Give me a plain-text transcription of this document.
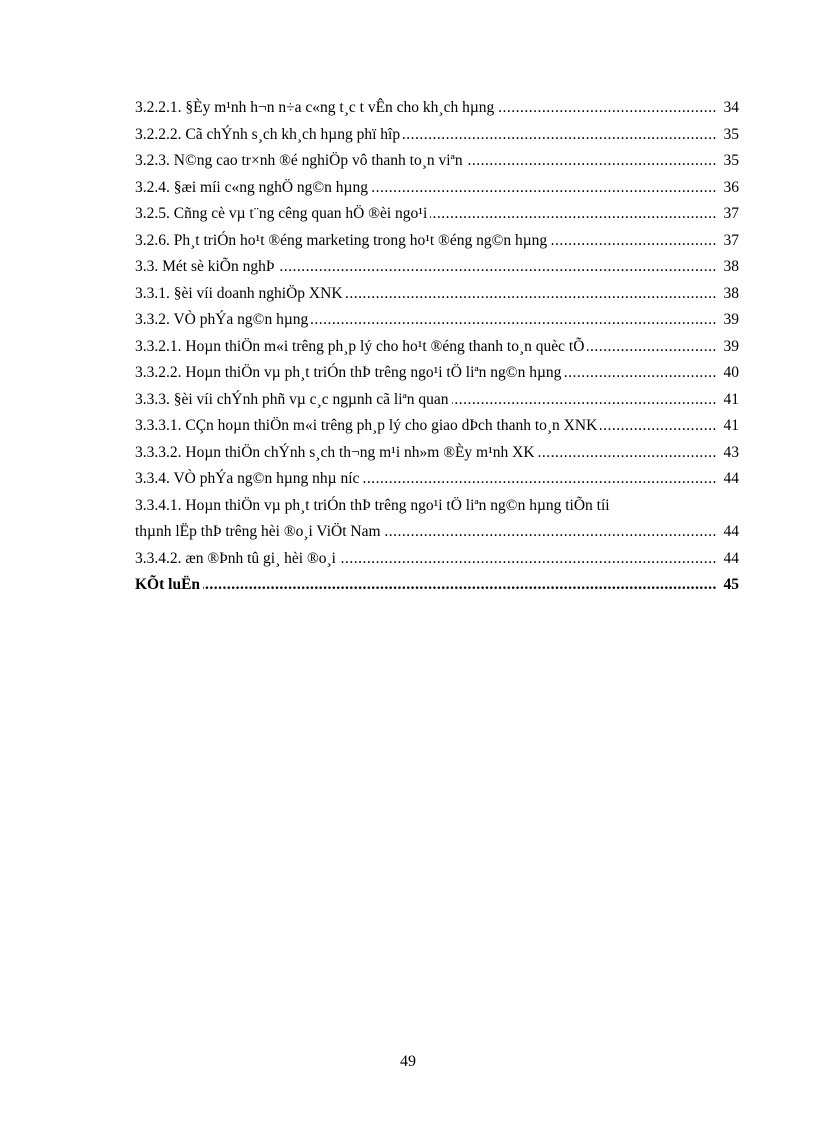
.....
3.2.2.1. §Èy m¹nh h¬n n÷a c«ng t¸c t vÊn cho kh¸ch hµng	34
.....
3.2.2.2. Cã chÝnh s¸ch kh¸ch hµng phï hîp	35
.....
3.2.3. N©ng cao tr×nh ®é nghiÖp vô thanh to¸n viªn	35
.....
3.2.4. §æi míi c«ng nghÖ ng©n hµng	36
.....
3.2.5. Cñng cè vµ t¨ng cêng quan hÖ ®èi ngo¹i	37
.....
3.2.6. Ph¸t triÓn ho¹t ®éng marketing trong ho¹t ®éng ng©n hµng	37
.....
3.3. Mét sè kiÕn nghÞ	38
.....
3.3.1. §èi víi doanh nghiÖp XNK	38
.....
3.3.2. VÒ phÝa ng©n hµng	39
.....
3.3.2.1. Hoµn thiÖn m«i trêng ph¸p lý cho ho¹t ®éng thanh to¸n quèc tÕ	39
.....
3.3.2.2. Hoµn thiÖn vµ ph¸t triÓn thÞ trêng ngo¹i tÖ liªn ng©n hµng	40
.....
3.3.3. §èi víi chÝnh phñ vµ c¸c ngµnh cã liªn quan	41
.....
3.3.3.1. CÇn hoµn thiÖn m«i trêng ph¸p lý cho giao dÞch thanh to¸n XNK	41
.....
3.3.3.2. Hoµn thiÖn chÝnh s¸ch th¬ng m¹i nh»m ®Èy m¹nh XK	43
.....
3.3.4. VÒ phÝa ng©n hµng nhµ níc	44
3.3.4.1. Hoµn thiÖn vµ ph¸t triÓn thÞ trêng ngo¹i tÖ liªn ng©n hµng tiÕn tíi
.....
thµnh lËp thÞ trêng hèi ®o¸i ViÖt Nam	44
.....
3.3.4.2. æn ®Þnh tû gi¸ hèi ®o¸i	44
.....
KÕt luËn	45
49
